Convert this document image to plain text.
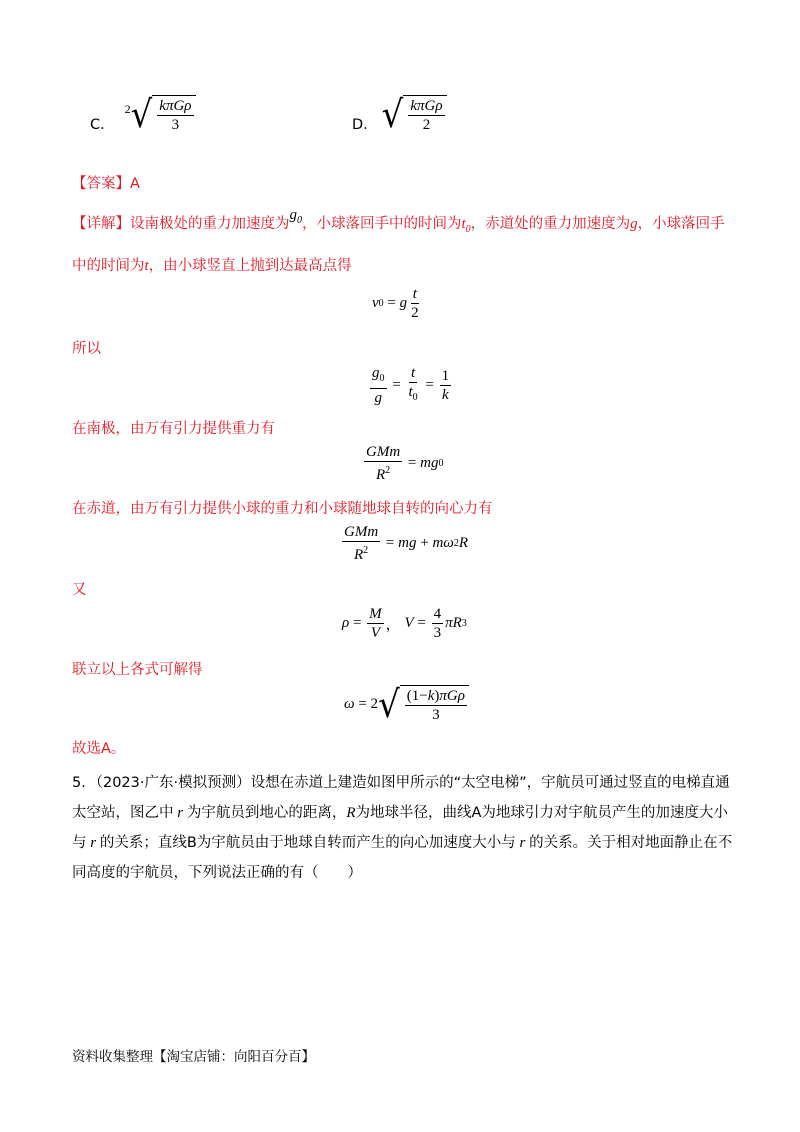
C．
2 √ $\frac{\text{kπGρ}}{3}$	D． √ $\frac{\text{kπGρ}}{2}$
【答案】A
【详解】设南极处的重力加速度为$g_0$，小球落回手中的时间为$t_0$，赤道处的重力加速度为g，小球落回手
中的时间为t，由小球竖直上抛到达最高点得
v 0 = g $\frac{t}{2}$
所以
$\frac{g_0}{g} = \frac{t}{t_0} = \frac{1}{k}$
在南极，由万有引力提供重力有
$\frac{\text{GMm}}{R^2}$ = mg 0
在赤道，由万有引力提供小球的重力和小球随地球自转的向心力有
$\frac{\text{GMm}}{R^2}$ = mg + mω 2 R
又
$\rho = \frac{M}{V}$ ， $V = \frac{4}{3}$ πR 3
联立以上各式可解得
ω = 2 √ $\frac{\text{(1−k)πGρ}}{3}$
故选A。
5．（2023·广东·模拟预测）设想在赤道上建造如图甲所示的“太空电梯”，宇航员可通过竖直的电梯直通
太空站，图乙中 r 为宇航员到地心的距离，R为地球半径，曲线A为地球引力对宇航员产生的加速度大小
与 r 的关系；直线B为宇航员由于地球自转而产生的向心加速度大小与 r 的关系。关于相对地面静止在不
同高度的宇航员，下列说法正确的有（　　）
资料收集整理【淘宝店铺：向阳百分百】
